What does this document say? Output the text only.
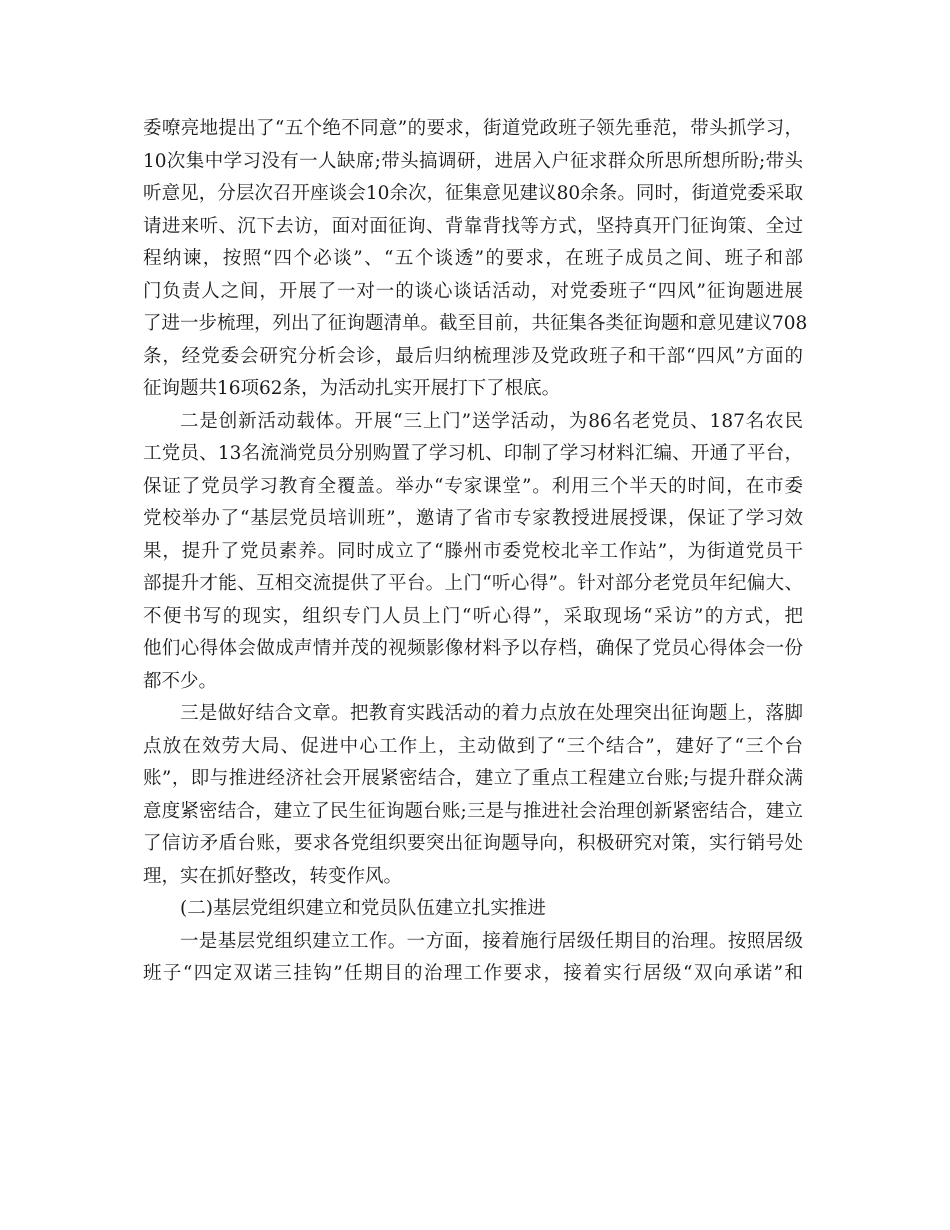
委嘹亮地提出了“五个绝不同意”的要求，街道党政班子领先垂范，带头抓学习，
10次集中学习没有一人缺席;带头搞调研，进居入户征求群众所思所想所盼;带头
听意见，分层次召开座谈会10余次，征集意见建议80余条。同时，街道党委采取
请进来听、沉下去访，面对面征询、背靠背找等方式，坚持真开门征询策、全过
程纳谏，按照“四个必谈”、“五个谈透”的要求，在班子成员之间、班子和部
门负责人之间，开展了一对一的谈心谈话活动，对党委班子“四风”征询题进展
了进一步梳理，列出了征询题清单。截至目前，共征集各类征询题和意见建议708
条，经党委会研究分析会诊，最后归纳梳理涉及党政班子和干部“四风”方面的
征询题共16项62条，为活动扎实开展打下了根底。
二是创新活动载体。开展“三上门”送学活动，为86名老党员、187名农民
工党员、13名流淌党员分别购置了学习机、印制了学习材料汇编、开通了平台，
保证了党员学习教育全覆盖。举办“专家课堂”。利用三个半天的时间，在市委
党校举办了“基层党员培训班”，邀请了省市专家教授进展授课，保证了学习效
果，提升了党员素养。同时成立了“滕州市委党校北辛工作站”，为街道党员干
部提升才能、互相交流提供了平台。上门“听心得”。针对部分老党员年纪偏大、
不便书写的现实，组织专门人员上门“听心得”，采取现场“采访”的方式，把
他们心得体会做成声情并茂的视频影像材料予以存档，确保了党员心得体会一份
都不少。
三是做好结合文章。把教育实践活动的着力点放在处理突出征询题上，落脚
点放在效劳大局、促进中心工作上，主动做到了“三个结合”，建好了“三个台
账”，即与推进经济社会开展紧密结合，建立了重点工程建立台账;与提升群众满
意度紧密结合，建立了民生征询题台账;三是与推进社会治理创新紧密结合，建立
了信访矛盾台账，要求各党组织要突出征询题导向，积极研究对策，实行销号处
理，实在抓好整改，转变作风。
(二)基层党组织建立和党员队伍建立扎实推进
一是基层党组织建立工作。一方面，接着施行居级任期目的治理。按照居级
班子“四定双诺三挂钩”任期目的治理工作要求，接着实行居级“双向承诺”和
